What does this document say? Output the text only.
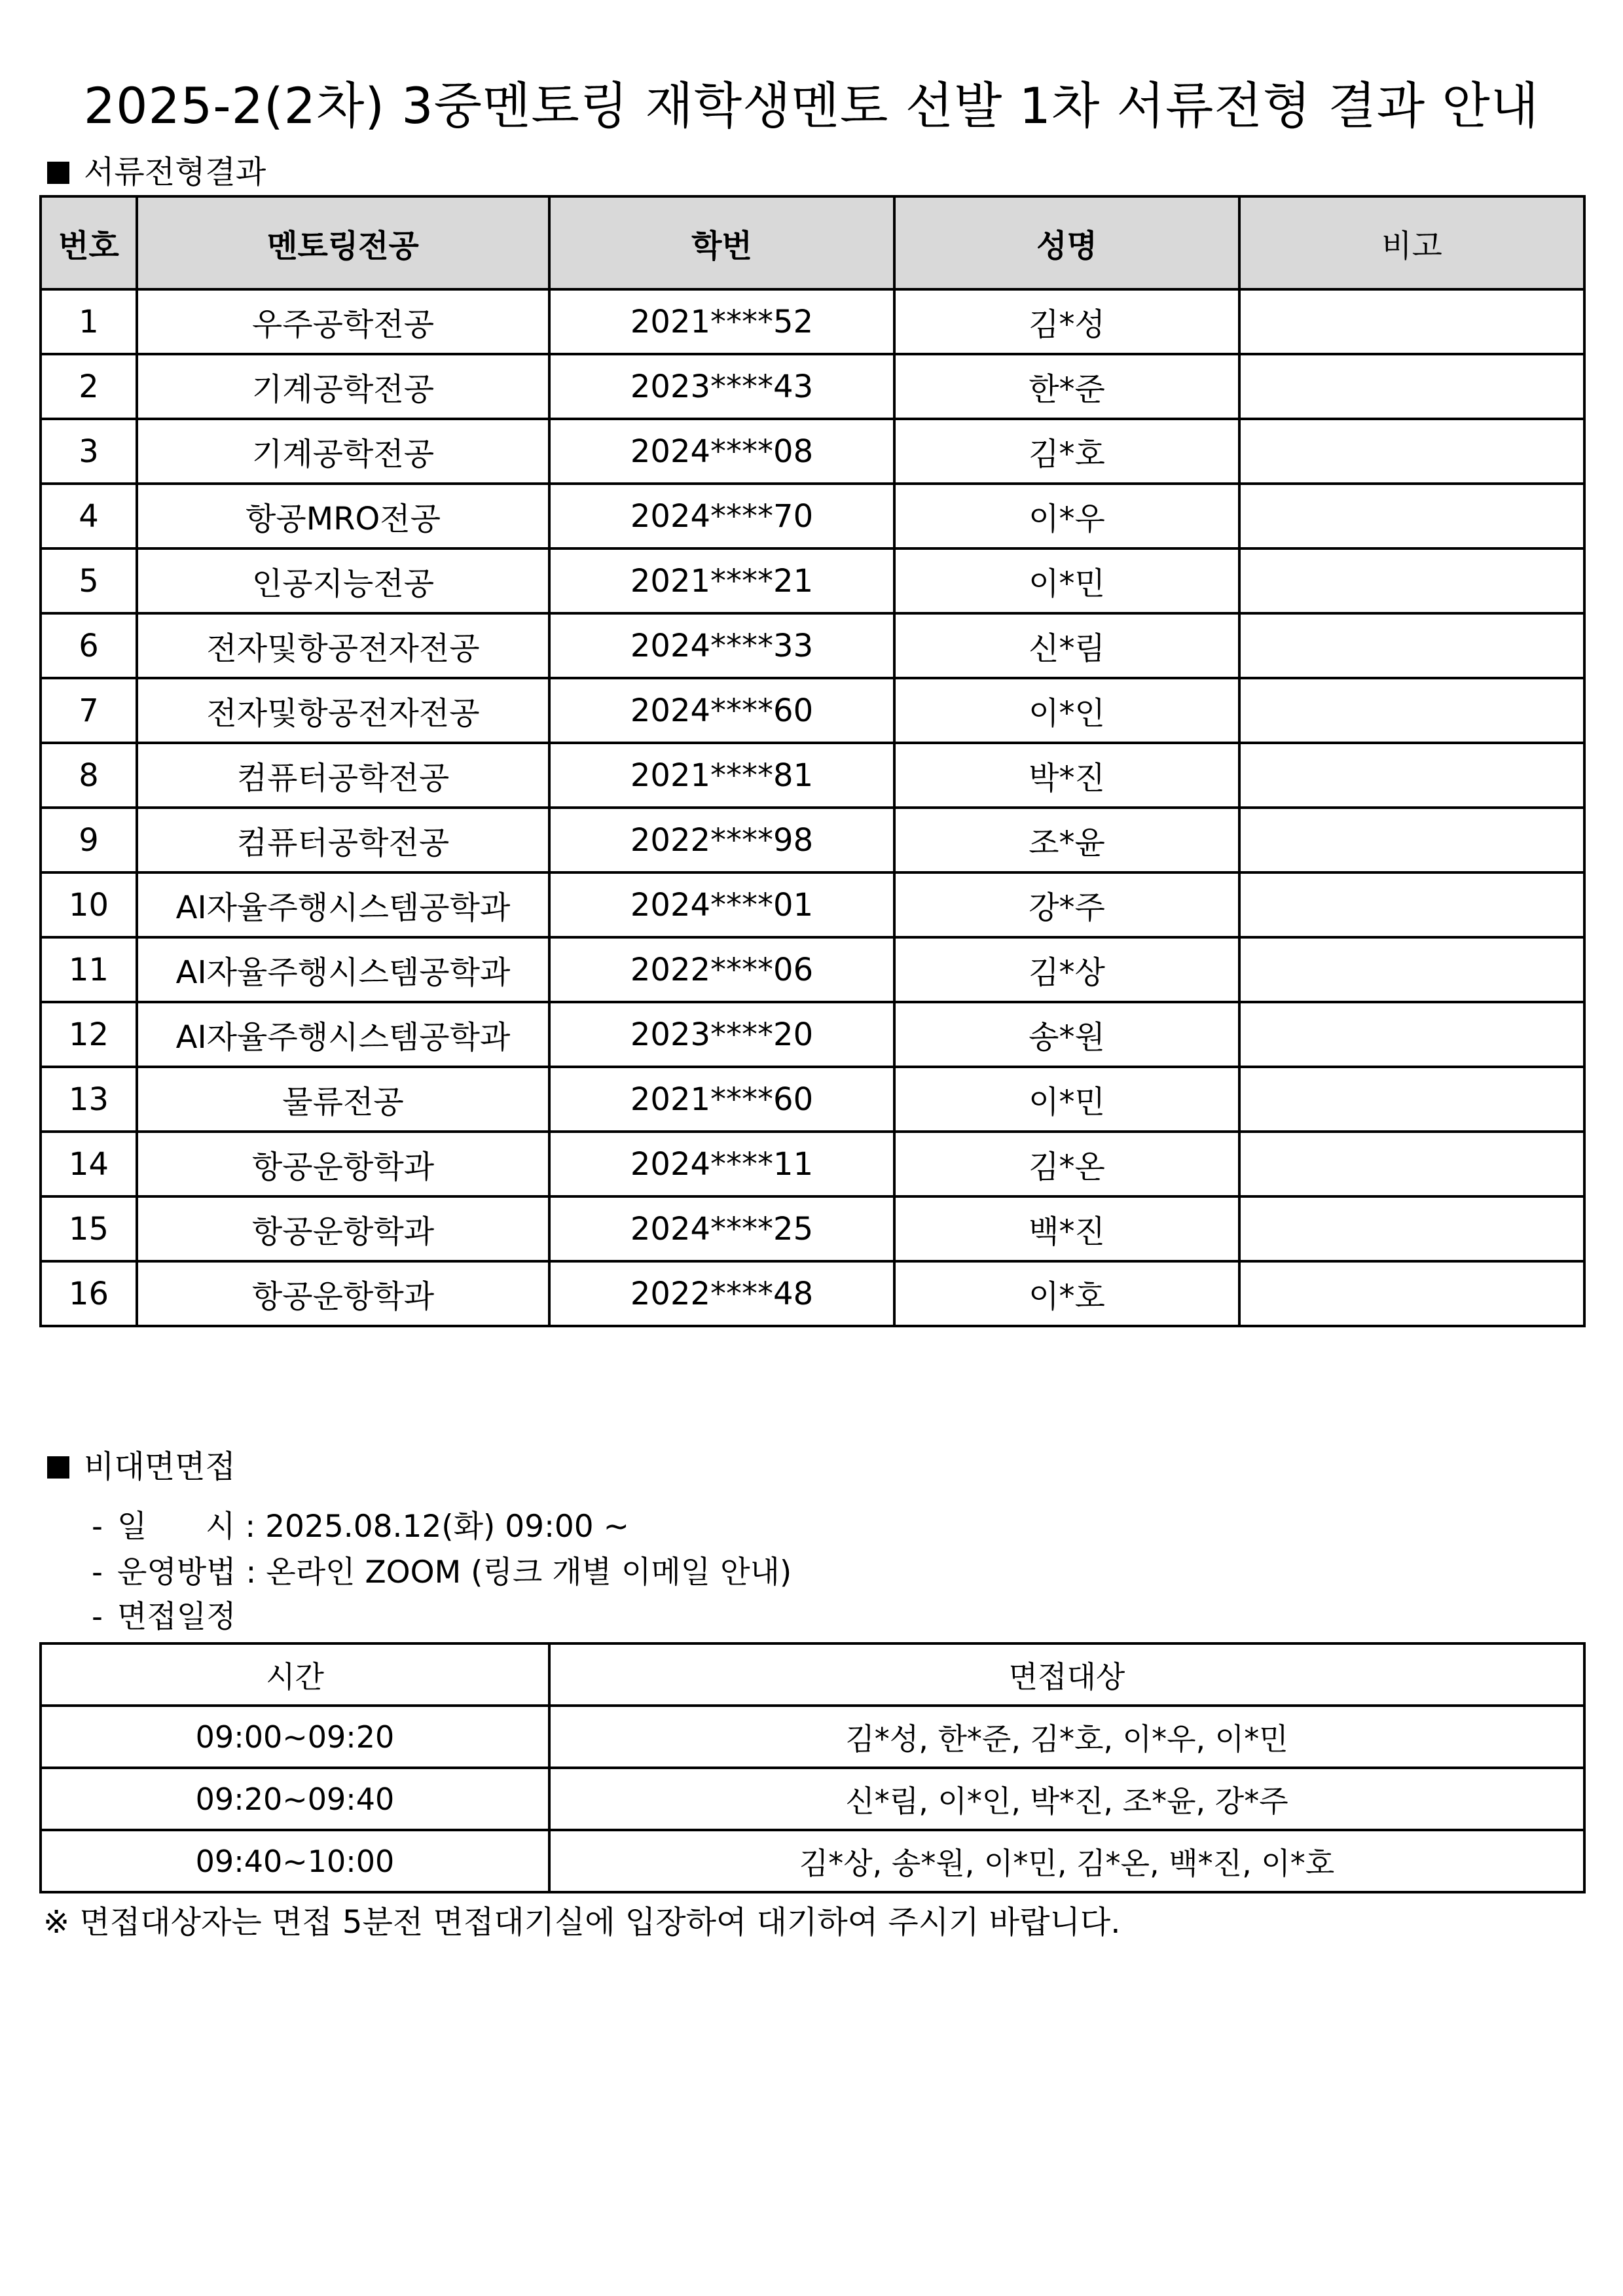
2025-2(2차) 3중멘토링 재학생멘토 선발 1차 서류전형 결과 안내
서류전형결과
번호	멘토링전공	학번	성명	비고
1	우주공학전공	2021****52	김*성	
2	기계공학전공	2023****43	한*준	
3	기계공학전공	2024****08	김*호	
4	항공MRO전공	2024****70	이*우	
5	인공지능전공	2021****21	이*민	
6	전자및항공전자전공	2024****33	신*림	
7	전자및항공전자전공	2024****60	이*인	
8	컴퓨터공학전공	2021****81	박*진	
9	컴퓨터공학전공	2022****98	조*윤	
10	AI자율주행시스템공학과	2024****01	강*주	
11	AI자율주행시스템공학과	2022****06	김*상	
12	AI자율주행시스템공학과	2023****20	송*원	
13	물류전공	2021****60	이*민	
14	항공운항학과	2024****11	김*온	
15	항공운항학과	2024****25	백*진	
16	항공운항학과	2022****48	이*호	
비대면면접
- 일      시 : 2025.08.12(화) 09:00 ~
- 운영방법 : 온라인 ZOOM (링크 개별 이메일 안내)
- 면접일정
시간	면접대상
09:00~09:20	김*성, 한*준, 김*호, 이*우, 이*민
09:20~09:40	신*림, 이*인, 박*진, 조*윤, 강*주
09:40~10:00	김*상, 송*원, 이*민, 김*온, 백*진, 이*호
※ 면접대상자는 면접 5분전 면접대기실에 입장하여 대기하여 주시기 바랍니다.
